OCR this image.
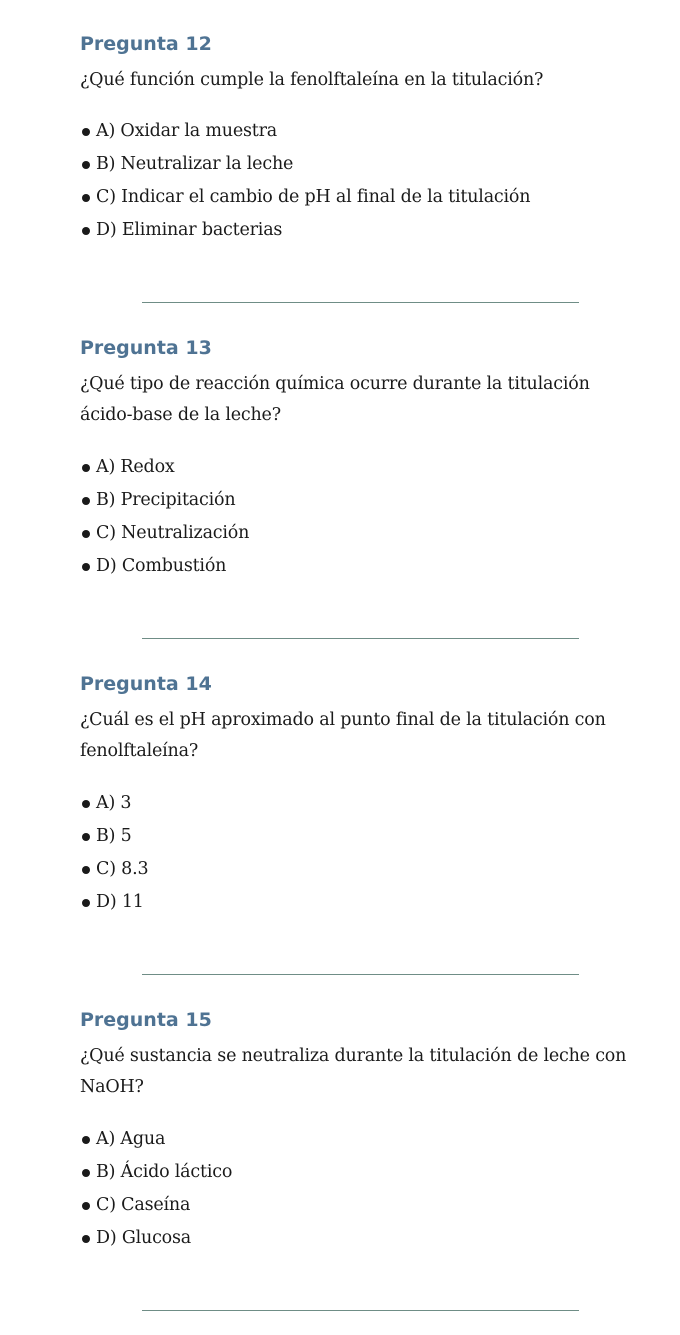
Pregunta 12

¿Qué función cumple la fenolftaleína en la titulación?

A) Oxidar la muestra
B) Neutralizar la leche
C) Indicar el cambio de pH al final de la titulación
D) Eliminar bacterias
Pregunta 13

¿Qué tipo de reacción química ocurre durante la titulación ácido-base de la leche?

A) Redox
B) Precipitación
C) Neutralización
D) Combustión
Pregunta 14

¿Cuál es el pH aproximado al punto final de la titulación con fenolftaleína?

A) 3
B) 5
C) 8.3
D) 11
Pregunta 15

¿Qué sustancia se neutraliza durante la titulación de leche con NaOH?

A) Agua
B) Ácido láctico
C) Caseína
D) Glucosa
